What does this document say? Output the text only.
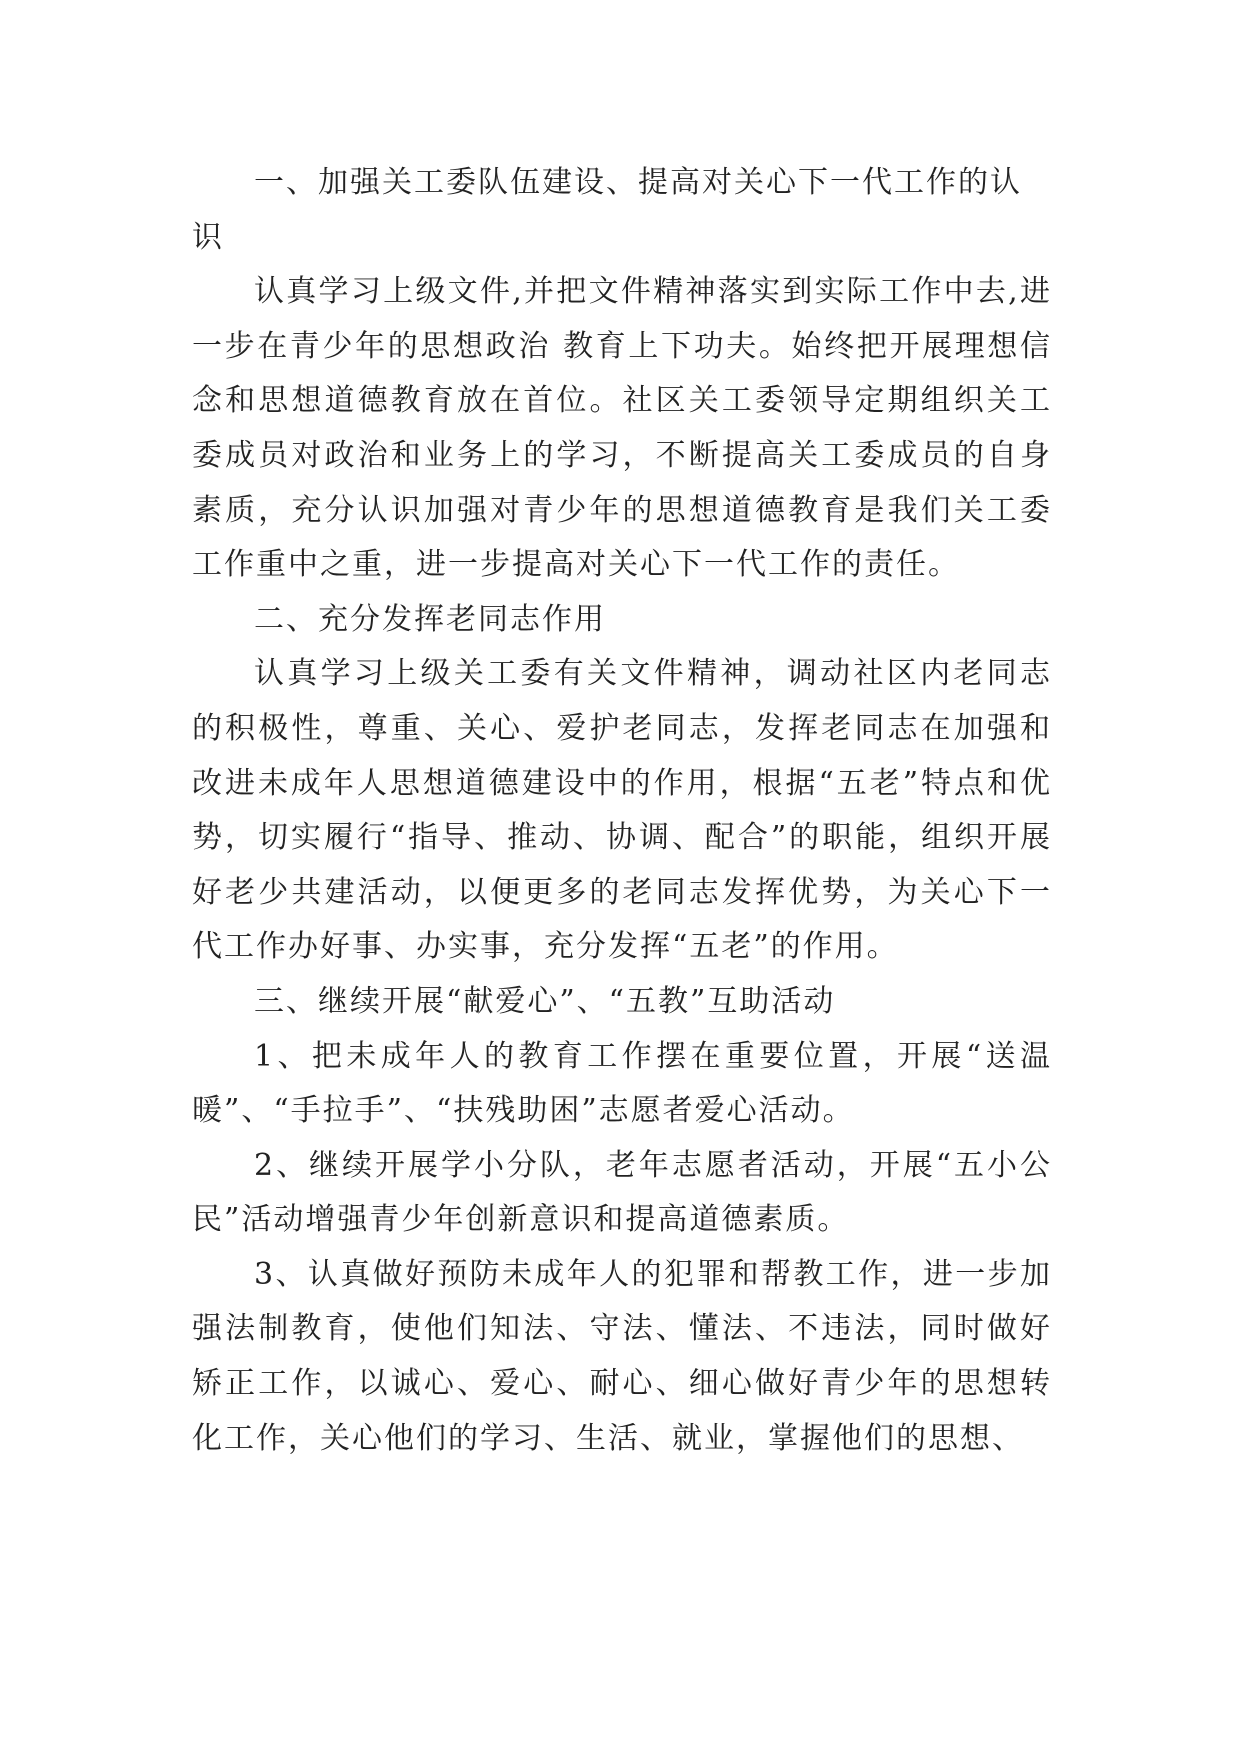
一、加强关工委队伍建设、提高对关心下一代工作的认识

认真学习上级文件,并把文件精神落实到实际工作中去,进一步在青少年的思想政治 教育上下功夫。始终把开展理想信念和思想道德教育放在首位。社区关工委领导定期组织关工委成员对政治和业务上的学习，不断提高关工委成员的自身素质，充分认识加强对青少年的思想道德教育是我们关工委工作重中之重，进一步提高对关心下一代工作的责任。

二、充分发挥老同志作用

认真学习上级关工委有关文件精神，调动社区内老同志的积极性，尊重、关心、爱护老同志，发挥老同志在加强和改进未成年人思想道德建设中的作用，根据“五老”特点和优势，切实履行“指导、推动、协调、配合”的职能，组织开展好老少共建活动，以便更多的老同志发挥优势，为关心下一代工作办好事、办实事，充分发挥“五老”的作用。

三、继续开展“献爱心”、“五教”互助活动

1、把未成年人的教育工作摆在重要位置，开展“送温暖”、“手拉手”、“扶残助困”志愿者爱心活动。

2、继续开展学小分队，老年志愿者活动，开展“五小公民”活动增强青少年创新意识和提高道德素质。

3、认真做好预防未成年人的犯罪和帮教工作，进一步加强法制教育，使他们知法、守法、懂法、不违法，同时做好矫正工作，以诚心、爱心、耐心、细心做好青少年的思想转化工作，关心他们的学习、生活、就业，掌握他们的思想、
